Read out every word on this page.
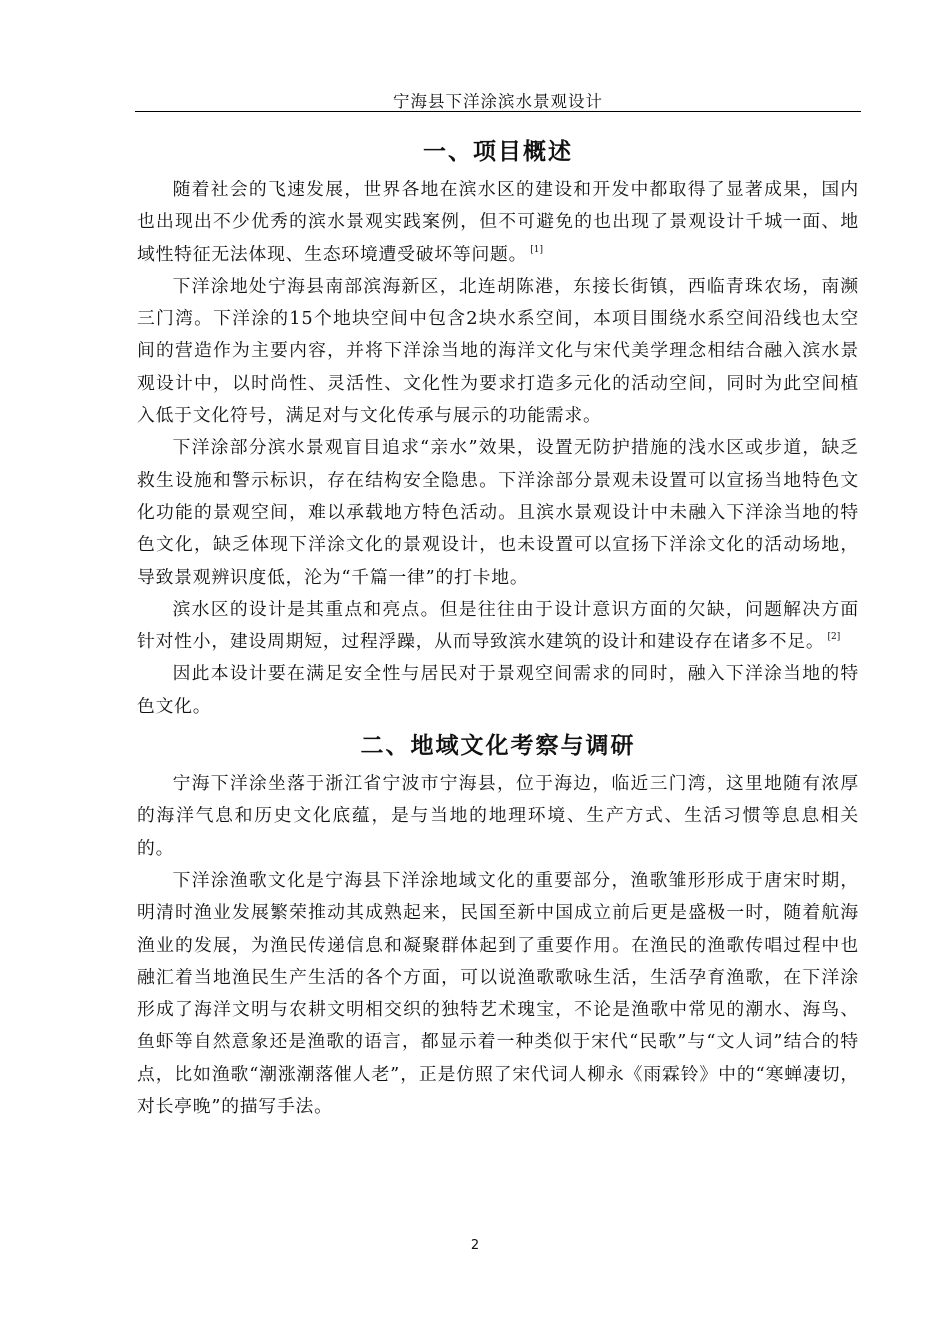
宁海县下洋涂滨水景观设计
一、项目概述

随着社会的飞速发展，世界各地在滨水区的建设和开发中都取得了显著成果，国内也出现出不少优秀的滨水景观实践案例，但不可避免的也出现了景观设计千城一面、地域性特征无法体现、生态环境遭受破坏等问题。 [1]

下洋涂地处宁海县南部滨海新区，北连胡陈港，东接长街镇，西临青珠农场，南濒三门湾。下洋涂的15个地块空间中包含2块水系空间，本项目围绕水系空间沿线也太空间的营造作为主要内容，并将下洋涂当地的海洋文化与宋代美学理念相结合融入滨水景观设计中，以时尚性、灵活性、文化性为要求打造多元化的活动空间，同时为此空间植入低于文化符号，满足对与文化传承与展示的功能需求。

下洋涂部分滨水景观盲目追求“亲水”效果，设置无防护措施的浅水区或步道，缺乏救生设施和警示标识，存在结构安全隐患。下洋涂部分景观未设置可以宣扬当地特色文化功能的景观空间，难以承载地方特色活动。且滨水景观设计中未融入下洋涂当地的特色文化，缺乏体现下洋涂文化的景观设计，也未设置可以宣扬下洋涂文化的活动场地，导致景观辨识度低，沦为“千篇一律”的打卡地。

滨水区的设计是其重点和亮点。但是往往由于设计意识方面的欠缺，问题解决方面针对性小，建设周期短，过程浮躁，从而导致滨水建筑的设计和建设存在诸多不足。 [2]

因此本设计要在满足安全性与居民对于景观空间需求的同时，融入下洋涂当地的特色文化。

二、地域文化考察与调研

宁海下洋涂坐落于浙江省宁波市宁海县，位于海边，临近三门湾，这里地随有浓厚的海洋气息和历史文化底蕴，是与当地的地理环境、生产方式、生活习惯等息息相关的。

下洋涂渔歌文化是宁海县下洋涂地域文化的重要部分，渔歌雏形形成于唐宋时期，明清时渔业发展繁荣推动其成熟起来，民国至新中国成立前后更是盛极一时，随着航海渔业的发展，为渔民传递信息和凝聚群体起到了重要作用。在渔民的渔歌传唱过程中也融汇着当地渔民生产生活的各个方面，可以说渔歌歌咏生活，生活孕育渔歌，在下洋涂形成了海洋文明与农耕文明相交织的独特艺术瑰宝，不论是渔歌中常见的潮水、海鸟、鱼虾等自然意象还是渔歌的语言，都显示着一种类似于宋代“民歌”与“文人词”结合的特点，比如渔歌“潮涨潮落催人老”，正是仿照了宋代词人柳永《雨霖铃》中的“寒蝉凄切，对长亭晚”的描写手法。

2
